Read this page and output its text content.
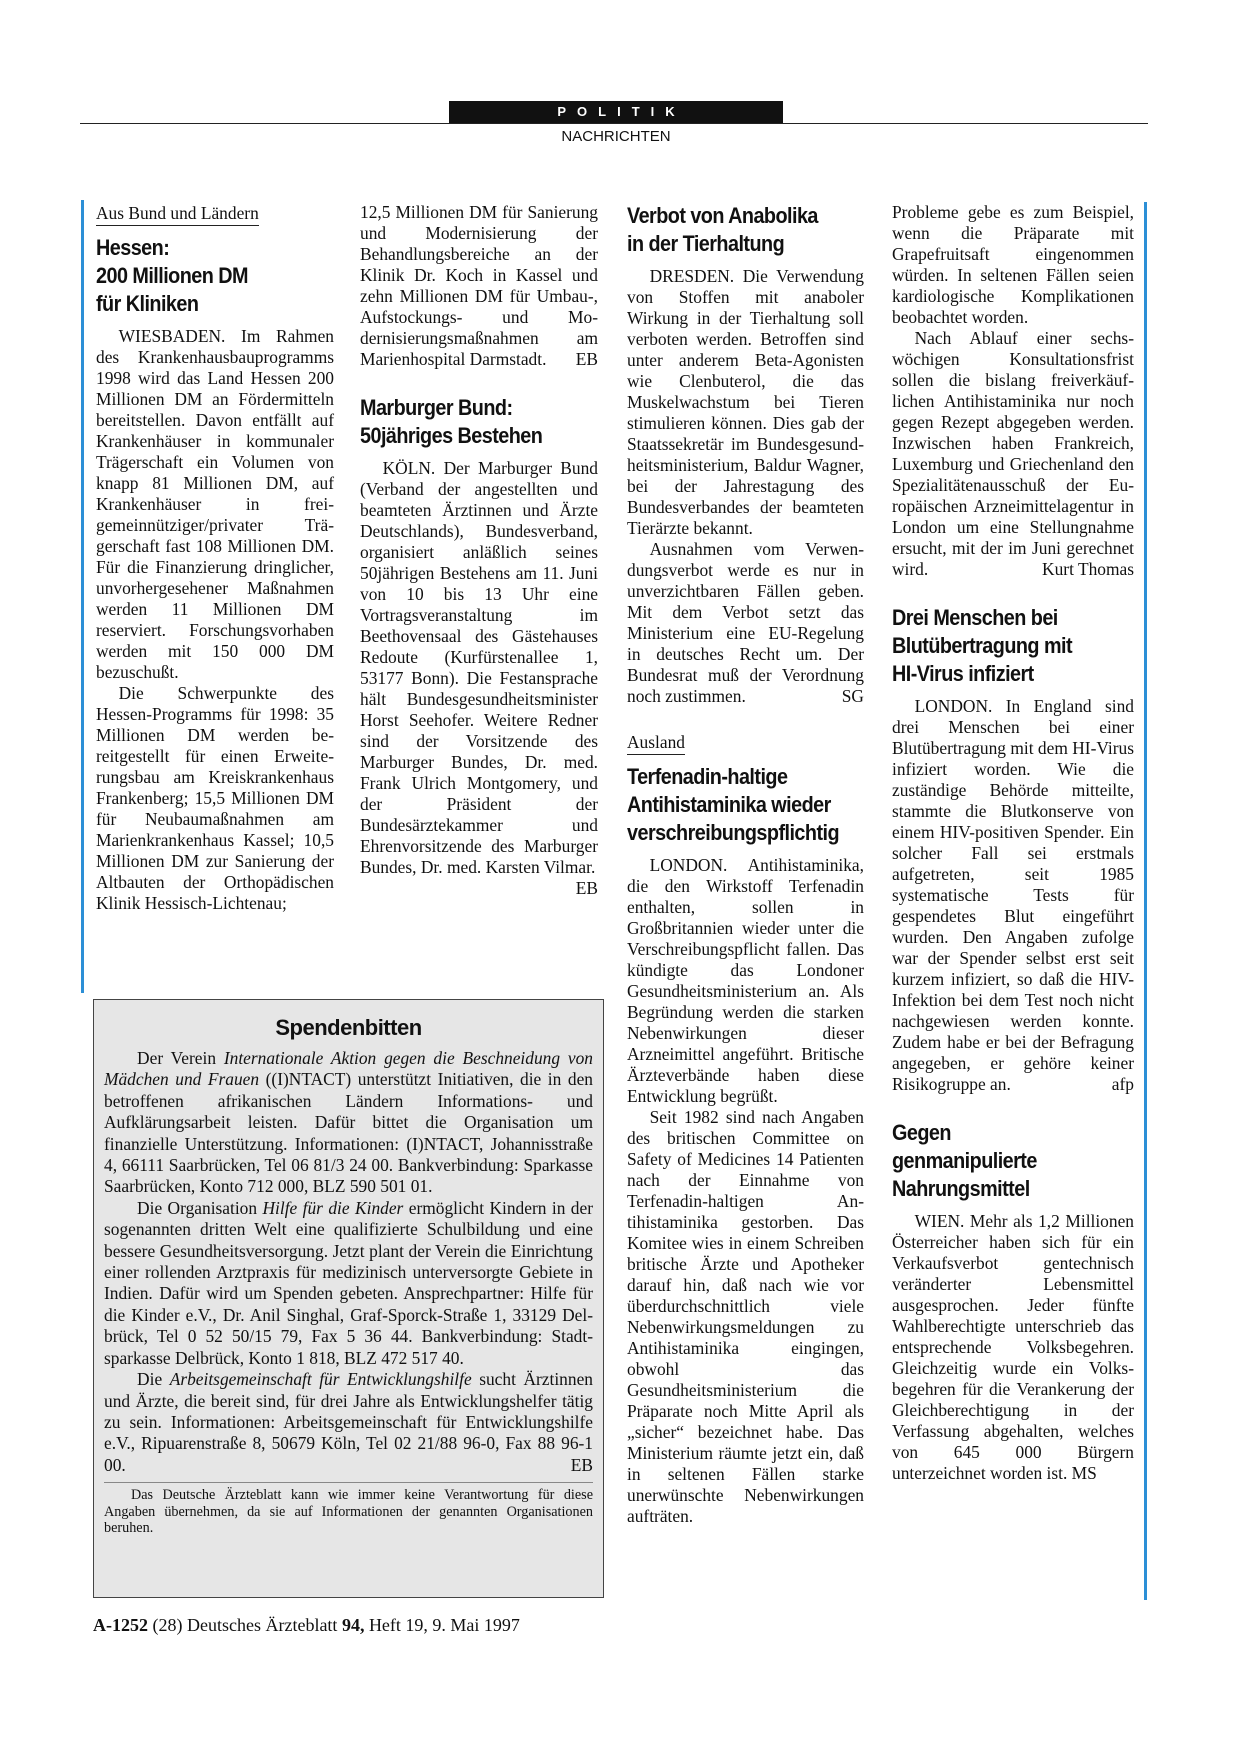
POLITIK
NACHRICHTEN
Aus Bund und Ländern
Hessen:
200 Millionen DM
für Kliniken

WIESBADEN. Im Rahmen des Krankenhausbauprogramms 1998 wird das Land Hessen 200 Millionen DM an Fördermitteln bereitstellen. Davon entfällt auf Krankenhäuser in kommunaler Trägerschaft ein Volumen von knapp 81 Millionen DM, auf Krankenhäuser in freigemeinnütziger/privater Trägerschaft fast 108 Millionen DM. Für die Finanzierung dringlicher, unvorhergesehener Maßnahmen werden 11 Millionen DM reserviert. Forschungsvorhaben werden mit 150 000 DM bezuschußt.

Die Schwerpunkte des Hessen-Programms für 1998: 35 Millionen DM werden bereitgestellt für einen Erweiterungsbau am Kreiskrankenhaus Frankenberg; 15,5 Millionen DM für Neubaumaßnahmen am Marienkrankenhaus Kassel; 10,5 Millionen DM zur Sanierung der Altbauten der Orthopädischen Klinik Hessisch-Lichtenau;

12,5 Millionen DM für Sanierung und Modernisierung der Behandlungsbereiche an der Klinik Dr. Koch in Kassel und zehn Millionen DM für Umbau-, Aufstockungs- und Modernisierungsmaßnahmen am Marienhospital Darmstadt. EB

Marburger Bund:
50jähriges Bestehen

KÖLN. Der Marburger Bund (Verband der angestellten und beamteten Ärztinnen und Ärzte Deutschlands), Bundesverband, organisiert anläßlich seines 50jährigen Bestehens am 11. Juni von 10 bis 13 Uhr eine Vortragsveranstaltung im Beethovensaal des Gästehauses Redoute (Kurfürstenallee 1, 53177 Bonn). Die Festansprache hält Bundesgesundheitsminister Horst Seehofer. Weitere Redner sind der Vorsitzende des Marburger Bundes, Dr. med. Frank Ulrich Montgomery, und der Präsident der Bundesärztekammer und Ehrenvorsitzende des Marburger Bundes, Dr. med. Karsten Vilmar.
EB

Verbot von Anabolika
in der Tierhaltung

DRESDEN. Die Verwendung von Stoffen mit anaboler Wirkung in der Tierhaltung soll verboten werden. Betroffen sind unter anderem Beta-Agonisten wie Clenbuterol, die das Muskelwachstum bei Tieren stimulieren können. Dies gab der Staatssekretär im Bundesgesundheitsministerium, Baldur Wagner, bei der Jahrestagung des Bundesverbandes der beamteten Tierärzte bekannt.

Ausnahmen vom Verwendungsverbot werde es nur in unverzichtbaren Fällen geben. Mit dem Verbot setzt das Ministerium eine EU-Regelung in deutsches Recht um. Der Bundesrat muß der Verordnung noch zustimmen.	SG

Ausland
Terfenadin-haltige
Antihistaminika wieder
verschreibungspflichtig

LONDON. Antihistaminika, die den Wirkstoff Terfenadin enthalten, sollen in Großbritannien wieder unter die Verschreibungspflicht fallen. Das kündigte das Londoner Gesundheitsministerium an. Als Begründung werden die starken Nebenwirkungen dieser Arzneimittel angeführt. Britische Ärzteverbände haben diese Entwicklung begrüßt.

Seit 1982 sind nach Angaben des britischen Committee on Safety of Medicines 14 Patienten nach der Einnahme von Terfenadin-haltigen Antihistaminika gestorben. Das Komitee wies in einem Schreiben britische Ärzte und Apotheker darauf hin, daß nach wie vor überdurchschnittlich viele Nebenwirkungsmeldungen zu Antihistaminika eingingen, obwohl das Gesundheitsministerium die Präparate noch Mitte April als „sicher“ bezeichnet habe. Das Ministerium räumte jetzt ein, daß in seltenen Fällen starke unerwünschte Nebenwirkungen aufträten.

Probleme gebe es zum Beispiel, wenn die Präparate mit Grapefruitsaft eingenommen würden. In seltenen Fällen seien kardiologische Komplikationen beobachtet worden.

Nach Ablauf einer sechswöchigen Konsultationsfrist sollen die bislang freiverkäuflichen Antihistaminika nur noch gegen Rezept abgegeben werden. Inzwischen haben Frankreich, Luxemburg und Griechenland den Spezialitätenausschuß der Europäischen Arzneimittelagentur in London um eine Stellungnahme ersucht, mit der im Juni gerechnet wird.	Kurt Thomas

Drei Menschen bei
Blutübertragung mit
HI-Virus infiziert

LONDON. In England sind drei Menschen bei einer Blutübertragung mit dem HI-Virus infiziert worden. Wie die zuständige Behörde mitteilte, stammte die Blutkonserve von einem HIV-positiven Spender. Ein solcher Fall sei erstmals aufgetreten, seit 1985 systematische Tests für gespendetes Blut eingeführt wurden. Den Angaben zufolge war der Spender selbst erst seit kurzem infiziert, so daß die HIV-Infektion bei dem Test noch nicht nachgewiesen werden konnte. Zudem habe er bei der Befragung angegeben, er gehöre keiner Risikogruppe an.	afp

Gegen
genmanipulierte
Nahrungsmittel

WIEN. Mehr als 1,2 Millionen Österreicher haben sich für ein Verkaufsverbot gentechnisch veränderter Lebensmittel ausgesprochen. Jeder fünfte Wahlberechtigte unterschrieb das entsprechende Volksbegehren. Gleichzeitig wurde ein Volksbegehren für die Verankerung der Gleichberechtigung in der Verfassung abgehalten, welches von 645 000 Bürgern unterzeichnet worden ist. MS

Spendenbitten

Der Verein Internationale Aktion gegen die Beschneidung von Mädchen und Frauen ((I)NTACT) unterstützt Initiativen, die in den betroffenen afrikanischen Ländern Informations- und Aufklärungsarbeit leisten. Dafür bittet die Organisation um finanzielle Unterstützung. Informationen: (I)NTACT, Johannisstraße 4, 66111 Saarbrücken, Tel 06 81/3 24 00. Bankverbindung: Sparkasse Saarbrücken, Konto 712 000, BLZ 590 501 01.

Die Organisation Hilfe für die Kinder ermöglicht Kindern in der sogenannten dritten Welt eine qualifizierte Schulbildung und eine bessere Gesundheitsversorgung. Jetzt plant der Verein die Einrichtung einer rollenden Arztpraxis für medizinisch unterversorgte Gebiete in Indien. Dafür wird um Spenden gebeten. Ansprechpartner: Hilfe für die Kinder e.V., Dr. Anil Singhal, Graf-Sporck-Straße 1, 33129 Delbrück, Tel 0 52 50/15 79, Fax 5 36 44. Bankverbindung: Stadtsparkasse Delbrück, Konto 1 818, BLZ 472 517 40.

Die Arbeitsgemeinschaft für Entwicklungshilfe sucht Ärztinnen und Ärzte, die bereit sind, für drei Jahre als Entwicklungshelfer tätig zu sein. Informationen: Arbeitsgemeinschaft für Entwicklungshilfe e.V., Ripuarenstraße 8, 50679 Köln, Tel 02 21/88 96-0, Fax 88 96-1 00.	EB

Das Deutsche Ärzteblatt kann wie immer keine Verantwortung für diese Angaben übernehmen, da sie auf Informationen der genannten Organisationen beruhen.

A-1252 (28) Deutsches Ärzteblatt 94, Heft 19, 9. Mai 1997
